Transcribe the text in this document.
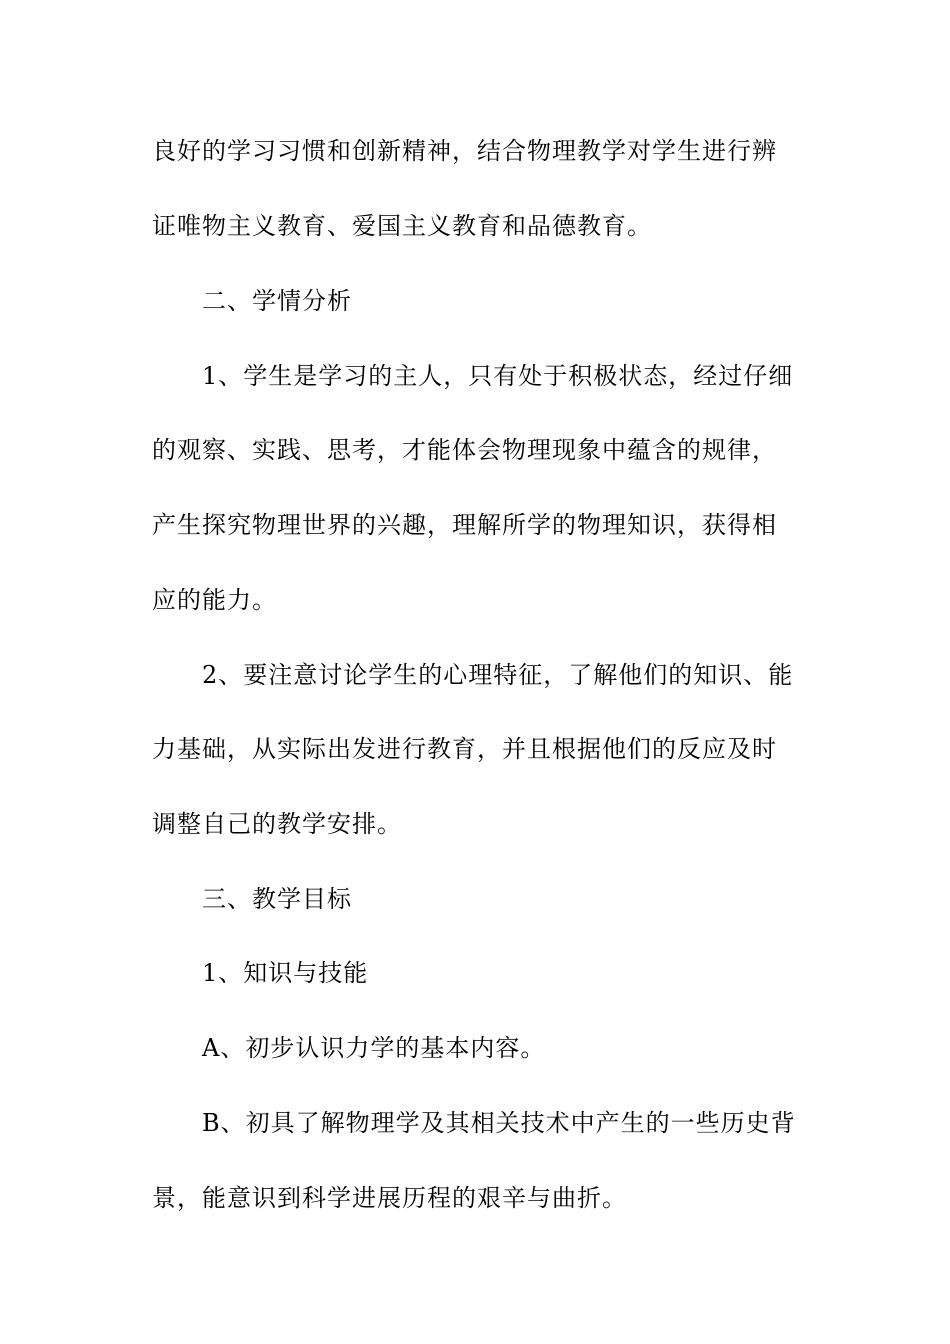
良好的学习习惯和创新精神，结合物理教学对学生进行辨
证唯物主义教育、爱国主义教育和品德教育。
二、学情分析
1、学生是学习的主人，只有处于积极状态，经过仔细
的观察、实践、思考，才能体会物理现象中蕴含的规律，
产生探究物理世界的兴趣，理解所学的物理知识，获得相
应的能力。
2、要注意讨论学生的心理特征，了解他们的知识、能
力基础，从实际出发进行教育，并且根据他们的反应及时
调整自己的教学安排。
三、教学目标
1、知识与技能
A、初步认识力学的基本内容。
B、初具了解物理学及其相关技术中产生的一些历史背
景，能意识到科学进展历程的艰辛与曲折。
